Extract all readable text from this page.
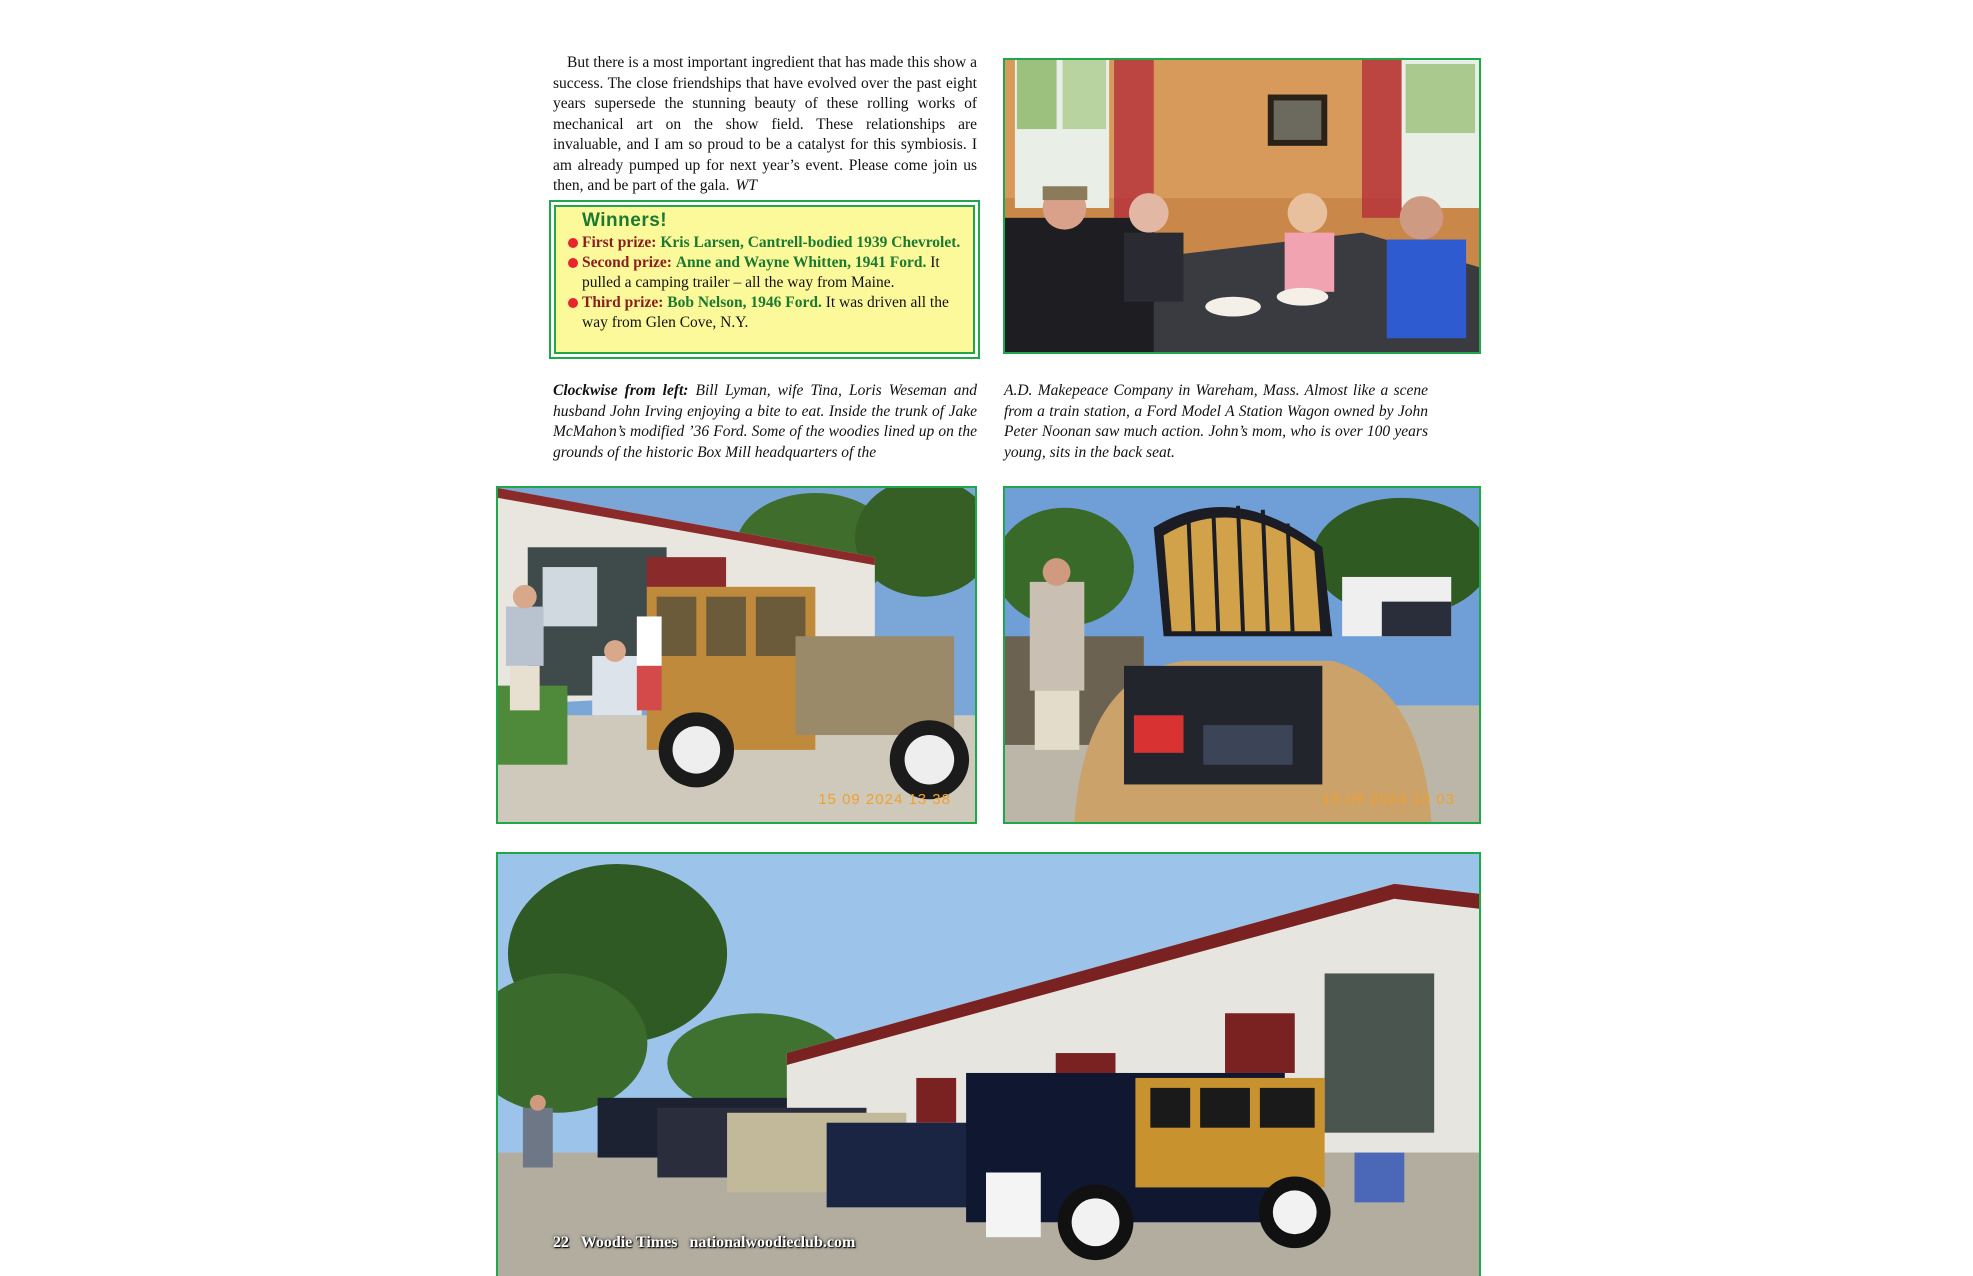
But there is a most important ingredient that has made this show a success. The close friendships that have evolved over the past eight years supersede the stunning beauty of these rolling works of mechanical art on the show field. These relationships are invaluable, and I am so proud to be a catalyst for this symbiosis. I am already pumped up for next year’s event. Please come join us then, and be part of the gala. WT
Winners!

First prize: Kris Larsen, Cantrell-bodied 1939 Chevrolet.

Second prize: Anne and Wayne Whitten, 1941 Ford. It pulled a camping trailer – all the way from Maine.

Third prize: Bob Nelson, 1946 Ford. It was driven all the way from Glen Cove, N.Y.

15 09 2024 13 38	15 09 2024 13 03
Clockwise from left: Bill Lyman, wife Tina, Loris Weseman and husband John Irving enjoying a bite to eat. Inside the trunk of Jake McMahon’s modified ’36 Ford. Some of the woodies lined up on the grounds of the historic Box Mill headquarters of the
A.D. Makepeace Company in Wareham, Mass. Almost like a scene from a train station, a Ford Model A Station Wagon owned by John Peter Noonan saw much action. John’s mom, who is over 100 years young, sits in the back seat.
22 Woodie Times nationalwoodieclub.com
